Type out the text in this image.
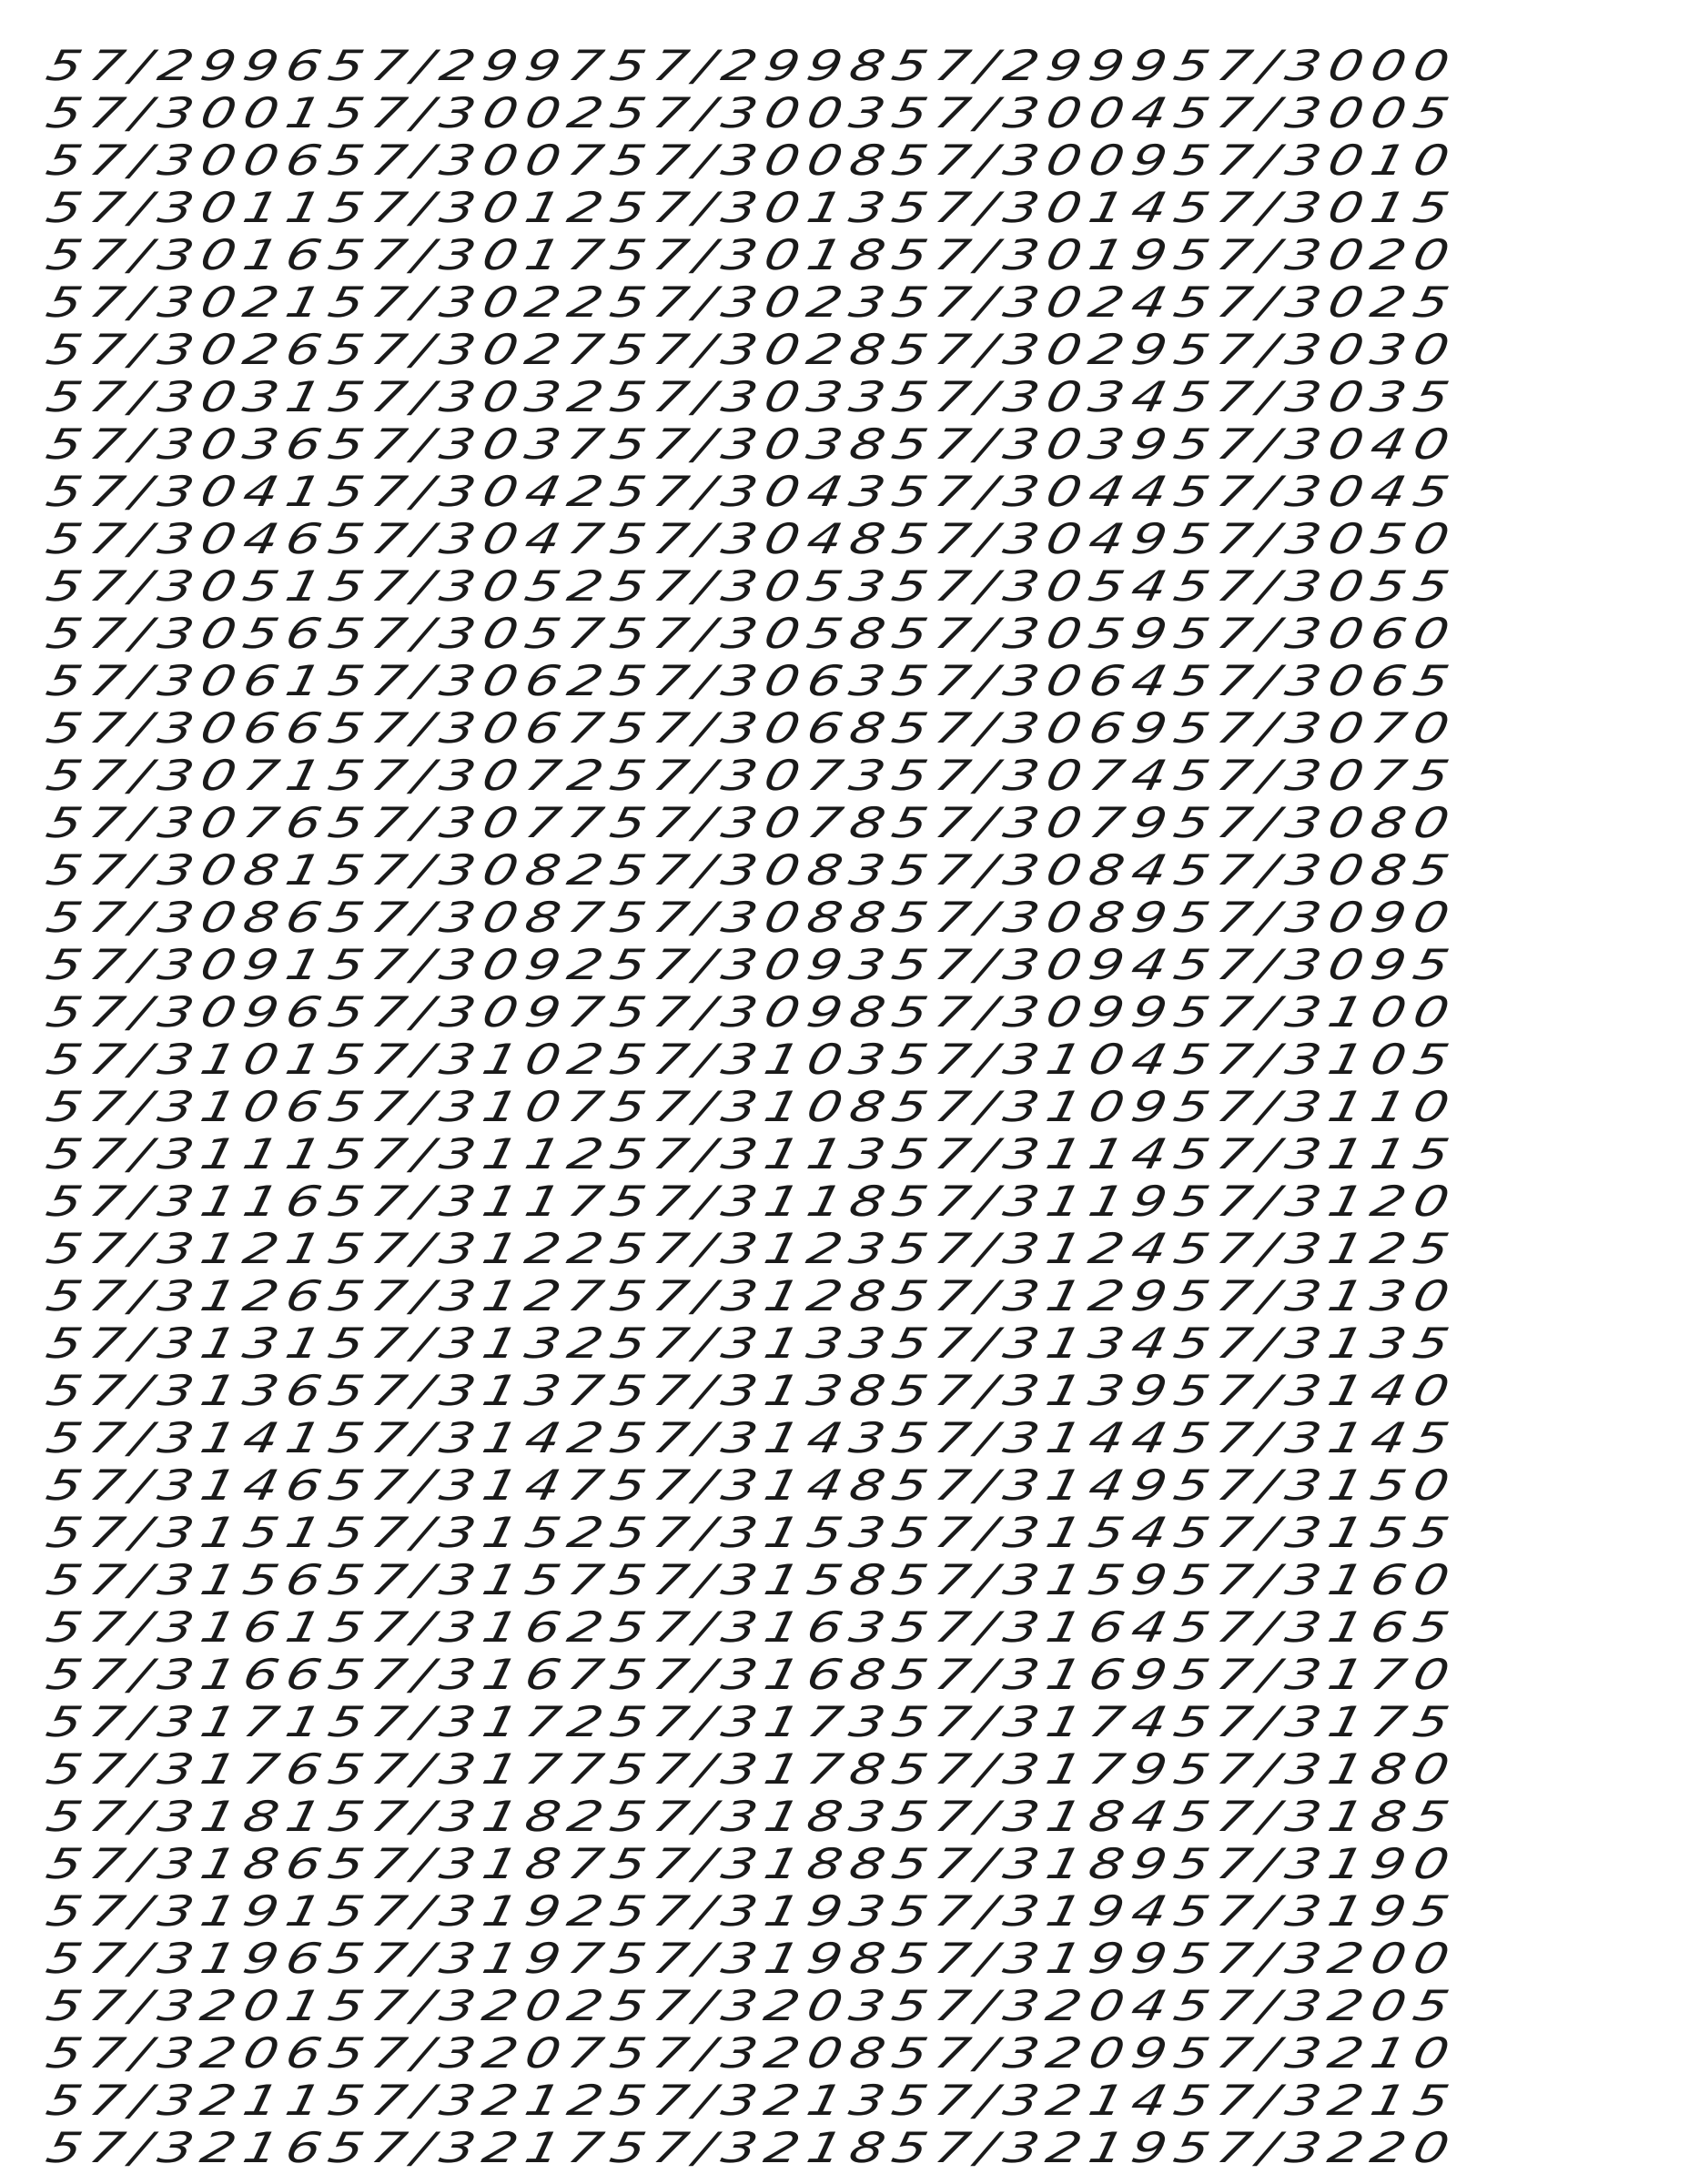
57/299657/299757/299857/299957/3000
57/300157/300257/300357/300457/3005
57/300657/300757/300857/300957/3010
57/301157/301257/301357/301457/3015
57/301657/301757/301857/301957/3020
57/302157/302257/302357/302457/3025
57/302657/302757/302857/302957/3030
57/303157/303257/303357/303457/3035
57/303657/303757/303857/303957/3040
57/304157/304257/304357/304457/3045
57/304657/304757/304857/304957/3050
57/305157/305257/305357/305457/3055
57/305657/305757/305857/305957/3060
57/306157/306257/306357/306457/3065
57/306657/306757/306857/306957/3070
57/307157/307257/307357/307457/3075
57/307657/307757/307857/307957/3080
57/308157/308257/308357/308457/3085
57/308657/308757/308857/308957/3090
57/309157/309257/309357/309457/3095
57/309657/309757/309857/309957/3100
57/310157/310257/310357/310457/3105
57/310657/310757/310857/310957/3110
57/311157/311257/311357/311457/3115
57/311657/311757/311857/311957/3120
57/312157/312257/312357/312457/3125
57/312657/312757/312857/312957/3130
57/313157/313257/313357/313457/3135
57/313657/313757/313857/313957/3140
57/314157/314257/314357/314457/3145
57/314657/314757/314857/314957/3150
57/315157/315257/315357/315457/3155
57/315657/315757/315857/315957/3160
57/316157/316257/316357/316457/3165
57/316657/316757/316857/316957/3170
57/317157/317257/317357/317457/3175
57/317657/317757/317857/317957/3180
57/318157/318257/318357/318457/3185
57/318657/318757/318857/318957/3190
57/319157/319257/319357/319457/3195
57/319657/319757/319857/319957/3200
57/320157/320257/320357/320457/3205
57/320657/320757/320857/320957/3210
57/321157/321257/321357/321457/3215
57/321657/321757/321857/321957/3220
